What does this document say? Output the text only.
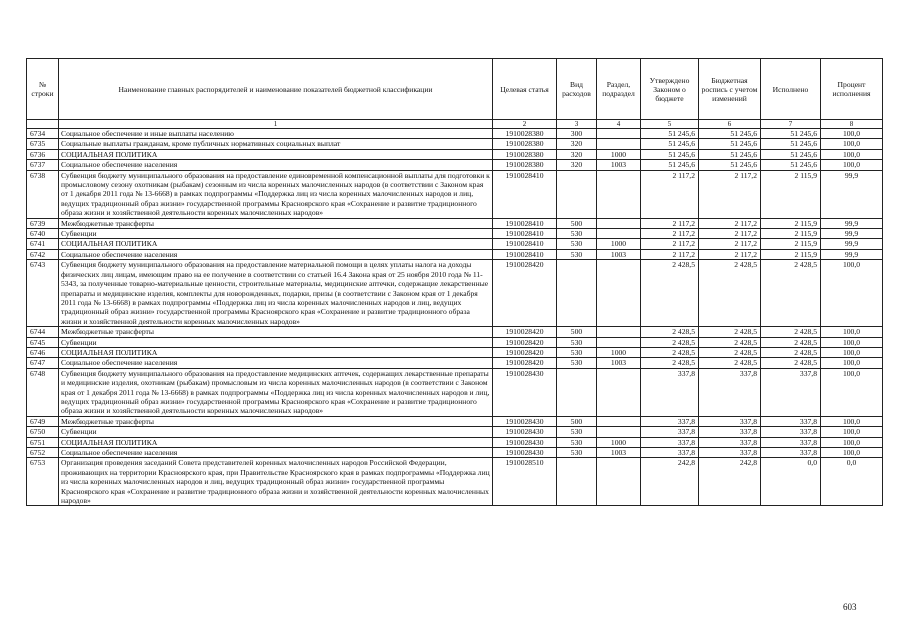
№ строки	Наименование главных распорядителей и наименование показателей бюджетной классификации	Целевая статья	Вид расходов	Раздел, подраздел	Утверждено Законом о бюджете	Бюджетная роспись с учетом изменений	Исполнено	Процент исполнения
	1	2	3	4	5	6	7	8
6734	Социальное обеспечение и иные выплаты населению	1910028380	300		51 245,6	51 245,6	51 245,6	100,0
6735	Социальные выплаты гражданам, кроме публичных нормативных социальных выплат	1910028380	320		51 245,6	51 245,6	51 245,6	100,0
6736	СОЦИАЛЬНАЯ ПОЛИТИКА	1910028380	320	1000	51 245,6	51 245,6	51 245,6	100,0
6737	Социальное обеспечение населения	1910028380	320	1003	51 245,6	51 245,6	51 245,6	100,0
6738	Субвенция бюджету муниципального образования на предоставление единовременной компенсационной выплаты для подготовки к промысловому сезону охотникам (рыбакам) сезонным из числа коренных малочисленных народов (в соответствии с Законом края от 1 декабря 2011 года № 13-6668) в рамках подпрограммы «Поддержка лиц из числа коренных малочисленных народов и лиц, ведущих традиционный образ жизни» государственной программы Красноярского края «Сохранение и развитие традиционного образа жизни и хозяйственной деятельности коренных малочисленных народов»	1910028410			2 117,2	2 117,2	2 115,9	99,9
6739	Межбюджетные трансферты	1910028410	500		2 117,2	2 117,2	2 115,9	99,9
6740	Субвенции	1910028410	530		2 117,2	2 117,2	2 115,9	99,9
6741	СОЦИАЛЬНАЯ ПОЛИТИКА	1910028410	530	1000	2 117,2	2 117,2	2 115,9	99,9
6742	Социальное обеспечение населения	1910028410	530	1003	2 117,2	2 117,2	2 115,9	99,9
6743	Субвенция бюджету муниципального образования на предоставление материальной помощи в целях уплаты налога на доходы физических лиц лицам, имеющим право на ее получение в соответствии со статьей 16.4 Закона края от 25 ноября 2010 года № 11-5343, за полученные товарно-материальные ценности, строительные материалы, медицинские аптечки, содержащие лекарственные препараты и медицинские изделия, комплекты для новорожденных, подарки, призы (в соответствии с Законом края от 1 декабря 2011 года № 13-6668) в рамках подпрограммы «Поддержка лиц из числа коренных малочисленных народов и лиц, ведущих традиционный образ жизни» государственной программы Красноярского края «Сохранение и развитие традиционного образа жизни и хозяйственной деятельности коренных малочисленных народов»	1910028420			2 428,5	2 428,5	2 428,5	100,0
6744	Межбюджетные трансферты	1910028420	500		2 428,5	2 428,5	2 428,5	100,0
6745	Субвенции	1910028420	530		2 428,5	2 428,5	2 428,5	100,0
6746	СОЦИАЛЬНАЯ ПОЛИТИКА	1910028420	530	1000	2 428,5	2 428,5	2 428,5	100,0
6747	Социальное обеспечение населения	1910028420	530	1003	2 428,5	2 428,5	2 428,5	100,0
6748	Субвенция бюджету муниципального образования на предоставление медицинских аптечек, содержащих лекарственные препараты и медицинские изделия, охотникам (рыбакам) промысловым из числа коренных малочисленных народов (в соответствии с Законом края от 1 декабря 2011 года № 13-6668) в рамках подпрограммы «Поддержка лиц из числа коренных малочисленных народов и лиц, ведущих традиционный образ жизни» государственной программы Красноярского края «Сохранение и развитие традиционного образа жизни и хозяйственной деятельности коренных малочисленных народов»	1910028430			337,8	337,8	337,8	100,0
6749	Межбюджетные трансферты	1910028430	500		337,8	337,8	337,8	100,0
6750	Субвенции	1910028430	530		337,8	337,8	337,8	100,0
6751	СОЦИАЛЬНАЯ ПОЛИТИКА	1910028430	530	1000	337,8	337,8	337,8	100,0
6752	Социальное обеспечение населения	1910028430	530	1003	337,8	337,8	337,8	100,0
6753	Организация проведения заседаний Совета представителей коренных малочисленных народов Российской Федерации, проживающих на территории Красноярского края, при Правительстве Красноярского края в рамках подпрограммы «Поддержка лиц из числа коренных малочисленных народов и лиц, ведущих традиционный образ жизни» государственной программы Красноярского края «Сохранение и развитие традиционного образа жизни и хозяйственной деятельности коренных малочисленных народов»	1910028510			242,8	242,8	0,0	0,0
603
